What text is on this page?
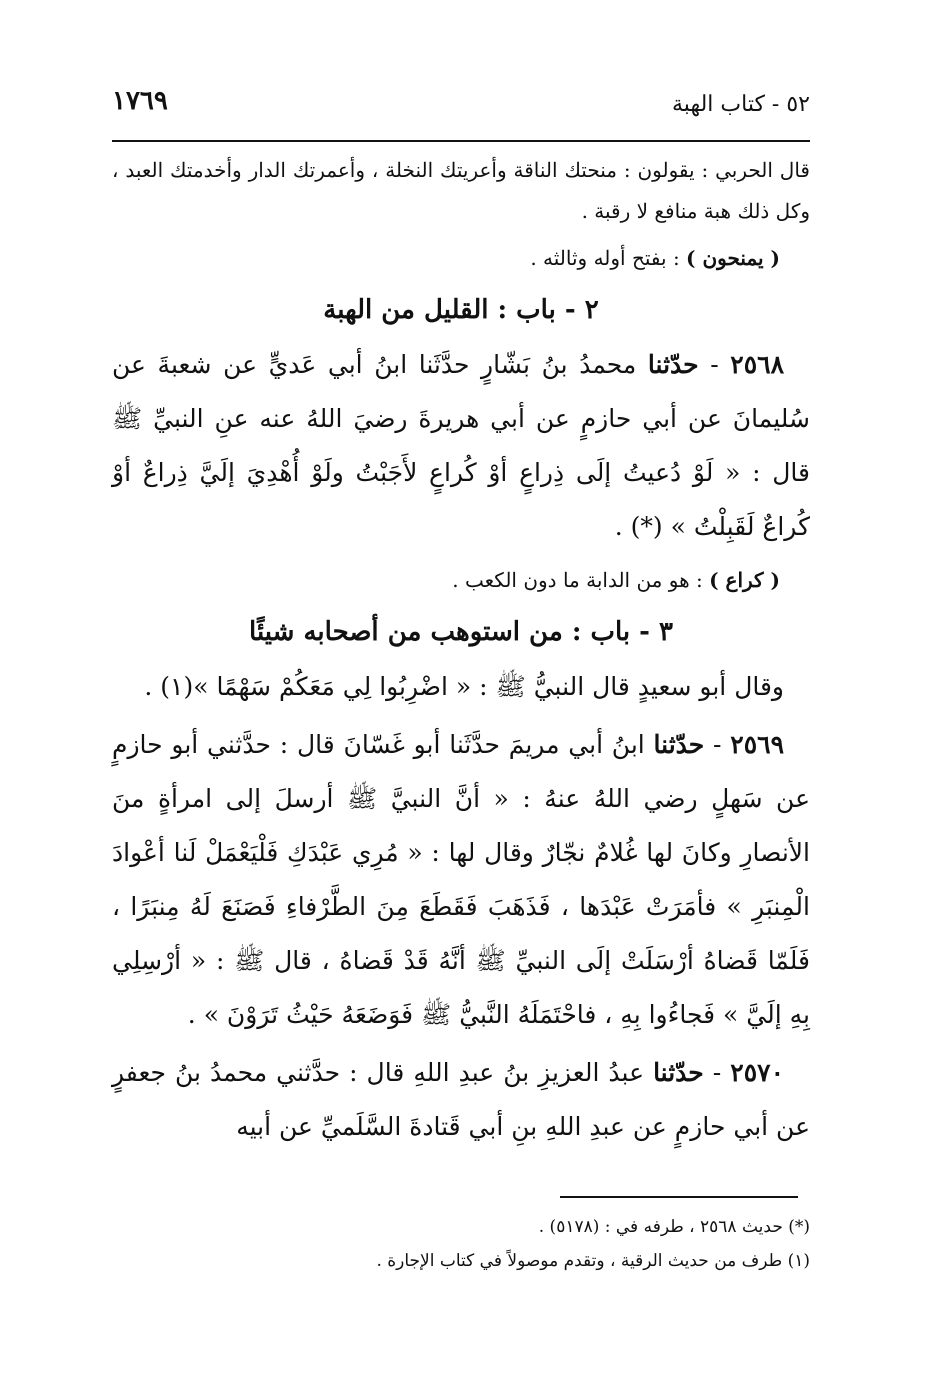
١٧٦٩	٥٢ - كتاب الهبة

قال الحربي : يقولون : منحتك الناقة وأعريتك النخلة ، وأعمرتك الدار وأخدمتك العبد ، وكل ذلك هبة منافع لا رقبة .

( يمنحون ) : بفتح أوله وثالثه .

٢ - باب : القليل من الهبة

٢٥٦٨ - حدّثنا محمدُ بنُ بَشّارٍ حدَّثَنا ابنُ أبي عَديٍّ عن شعبةَ عن سُليمانَ عن أبي حازمٍ عن أبي هريرةَ رضيَ اللهُ عنه عنِ النبيِّ ﷺ قال : « لَوْ دُعيتُ إلَى ذِراعٍ أوْ كُراعٍ لأَجَبْتُ ولَوْ أُهْدِيَ إلَيَّ ذِراعٌ أوْ كُراعٌ لَقَبِلْتُ » (*) .

( كراع ) : هو من الدابة ما دون الكعب .

٣ - باب : من استوهب من أصحابه شيئًا

وقال أبو سعيدٍ قال النبيُّ ﷺ : « اضْرِبُوا لِي مَعَكُمْ سَهْمًا »(١) .

٢٥٦٩ - حدّثنا ابنُ أبي مريمَ حدَّثَنا أبو غَسّانَ قال : حدَّثني أبو حازمٍ عن سَهلٍ رضي اللهُ عنهُ : « أنَّ النبيَّ ﷺ أرسلَ إلى امرأةٍ منَ الأنصارِ وكانَ لها غُلامٌ نجّارٌ وقال لها : « مُرِي عَبْدَكِ فَلْيَعْمَلْ لَنا أعْوادَ الْمِنبَرِ » فأمَرَتْ عَبْدَها ، فَذَهَبَ فَقَطَعَ مِنَ الطَّرْفاءِ فَصَنَعَ لَهُ مِنبَرًا ، فَلَمّا قَضاهُ أرْسَلَتْ إلَى النبيِّ ﷺ أنَّهُ قَدْ قَضاهُ ، قال ﷺ : « أرْسِلِي بِهِ إلَيَّ » فَجاءُوا بِهِ ، فاحْتَمَلَهُ النَّبيُّ ﷺ فَوَضَعَهُ حَيْثُ تَرَوْنَ » .

٢٥٧٠ - حدّثنا عبدُ العزيزِ بنُ عبدِ اللهِ قال : حدَّثني محمدُ بنُ جعفرٍ عن أبي حازمٍ عن عبدِ اللهِ بنِ أبي قَتادةَ السَّلَميِّ عن أبيه

(*) حديث ٢٥٦٨ ، طرفه في : (٥١٧٨) .

(١) طرف من حديث الرقية ، وتقدم موصولاً في كتاب الإجارة .
